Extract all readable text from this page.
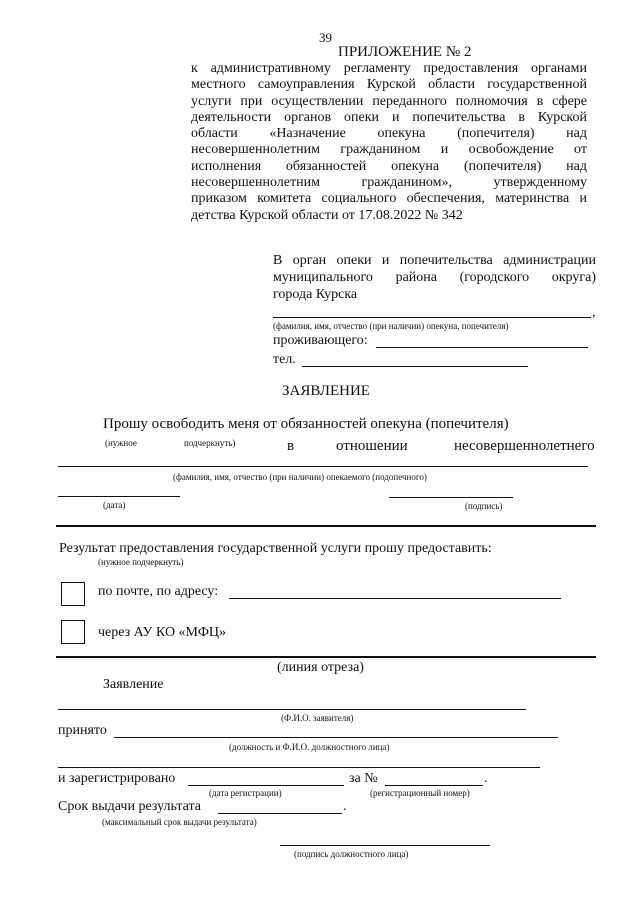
39
ПРИЛОЖЕНИЕ № 2
к административному регламенту предоставления органами
местного самоуправления Курской области государственной
услуги при осуществлении переданного полномочия в сфере
деятельности органов опеки и попечительства в Курской
области «Назначение опекуна (попечителя) над
несовершеннолетним гражданином и освобождение от
исполнения обязанностей опекуна (попечителя) над
несовершеннолетним гражданином», утвержденному
приказом комитета социального обеспечения, материнства и
детства Курской области от 17.08.2022 № 342
В орган опеки и попечительства администрации
муниципального района (городского округа)
города Курска
,
(фамилия, имя, отчество (при наличии) опекуна, попечителя)
проживающего:
тел.
ЗАЯВЛЕНИЕ
Прошу освободить меня от обязанностей опекуна (попечителя)
(нужное	подчеркнуть)	в	отношении	несовершеннолетнего
(фамилия, имя, отчество (при наличии) опекаемого (подопечного)
(дата)	(подпись)
Результат предоставления государственной услуги прошу предоставить:
(нужное подчеркнуть)
по почте, по адресу:
через АУ КО «МФЦ»
(линия отреза)
Заявление
(Ф.И.О. заявителя)
принято
(должность и Ф.И.О. должностного лица)
и зарегистрировано	за №	.
(дата регистрации)	(регистрационный номер)
Срок выдачи результата	.
(максимальный срок выдачи результата)
(подпись должностного лица)
